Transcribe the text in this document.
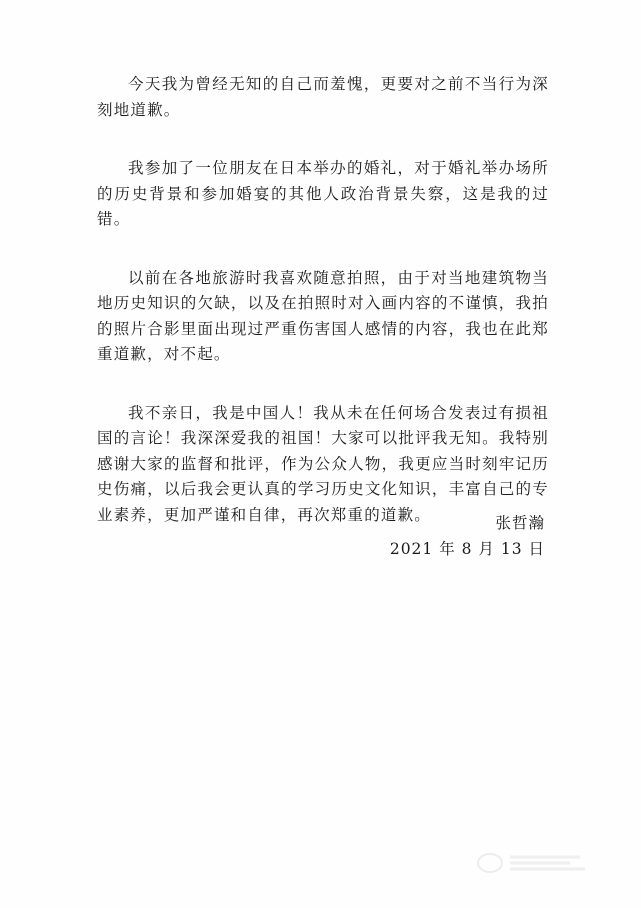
今天我为曾经无知的自己而羞愧，更要对之前不当行为深刻地道歉。

我参加了一位朋友在日本举办的婚礼，对于婚礼举办场所的历史背景和参加婚宴的其他人政治背景失察，这是我的过错。

以前在各地旅游时我喜欢随意拍照，由于对当地建筑物当地历史知识的欠缺，以及在拍照时对入画内容的不谨慎，我拍的照片合影里面出现过严重伤害国人感情的内容，我也在此郑重道歉，对不起。

我不亲日，我是中国人！我从未在任何场合发表过有损祖国的言论！我深深爱我的祖国！大家可以批评我无知。我特别感谢大家的监督和批评，作为公众人物，我更应当时刻牢记历史伤痛，以后我会更认真的学习历史文化知识，丰富自己的专业素养，更加严谨和自律，再次郑重的道歉。	张哲瀚
2021 年 8 月 13 日
